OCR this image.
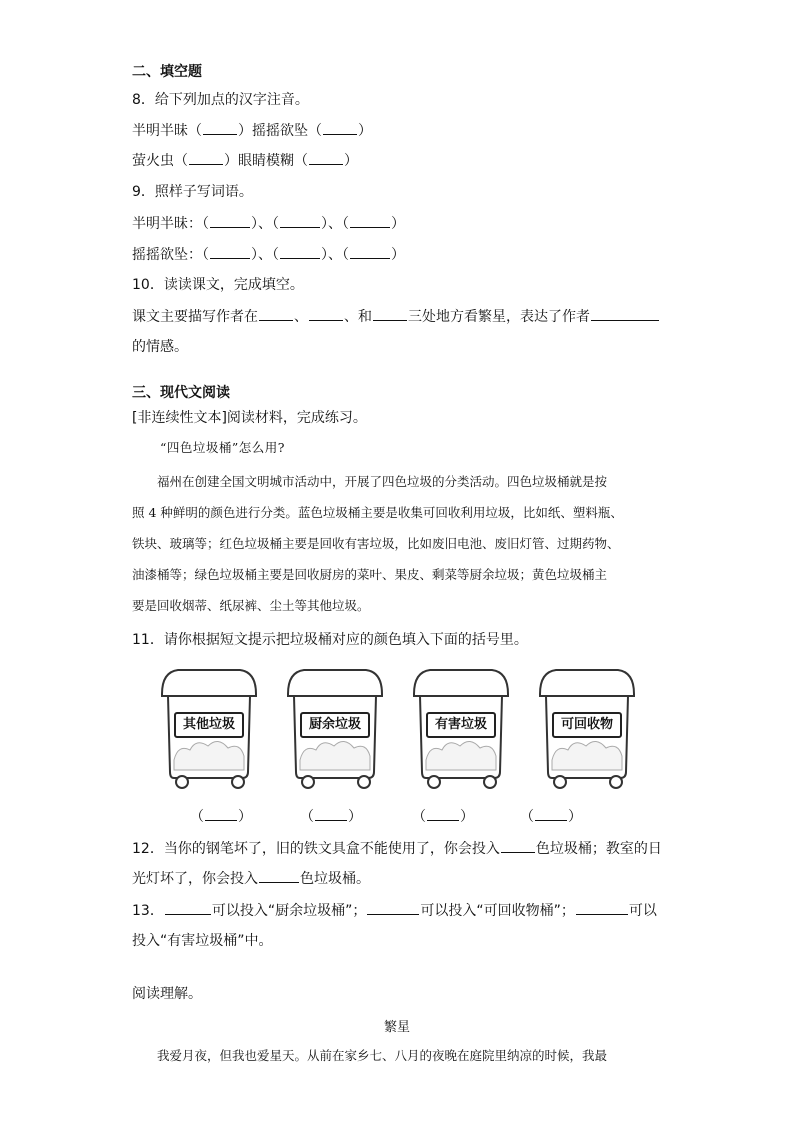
二、填空题
8．给下列加点的汉字注音。
半明半昧（	）摇摇欲坠（	）
萤火虫（	）眼睛模糊（	）
9．照样子写词语。
半明半昧：（	）、（	）、（	）
摇摇欲坠：（	）、（	）、（	）
10．读读课文，完成填空。
课文主要描写作者在	、	、和	三处地方看繁星，表达了作者
的情感。
三、现代文阅读
[非连续性文本]阅读材料，完成练习。
“四色垃圾桶”怎么用?

福州在创建全国文明城市活动中，开展了四色垃圾的分类活动。四色垃圾桶就是按

照 4 种鲜明的颜色进行分类。蓝色垃圾桶主要是收集可回收利用垃圾，比如纸、塑料瓶、

铁块、玻璃等；红色垃圾桶主要是回收有害垃圾，比如废旧电池、废旧灯管、过期药物、

油漆桶等；绿色垃圾桶主要是回收厨房的菜叶、果皮、剩菜等厨余垃圾；黄色垃圾桶主

要是回收烟蒂、纸尿裤、尘土等其他垃圾。

11．请你根据短文提示把垃圾桶对应的颜色填入下面的括号里。
其他垃圾	厨余垃圾	有害垃圾	可回收物
（ ）	（ ）	（ ）	（ ）
12．当你的钢笔坏了，旧的铁文具盒不能使用了，你会投入	色垃圾桶；教室的日
光灯坏了，你会投入	色垃圾桶。
13．	可以投入“厨余垃圾桶”；	可以投入“可回收物桶”；	可以
投入“有害垃圾桶”中。
阅读理解。
繁星

我爱月夜，但我也爱星天。从前在家乡七、八月的夜晚在庭院里纳凉的时候，我最
